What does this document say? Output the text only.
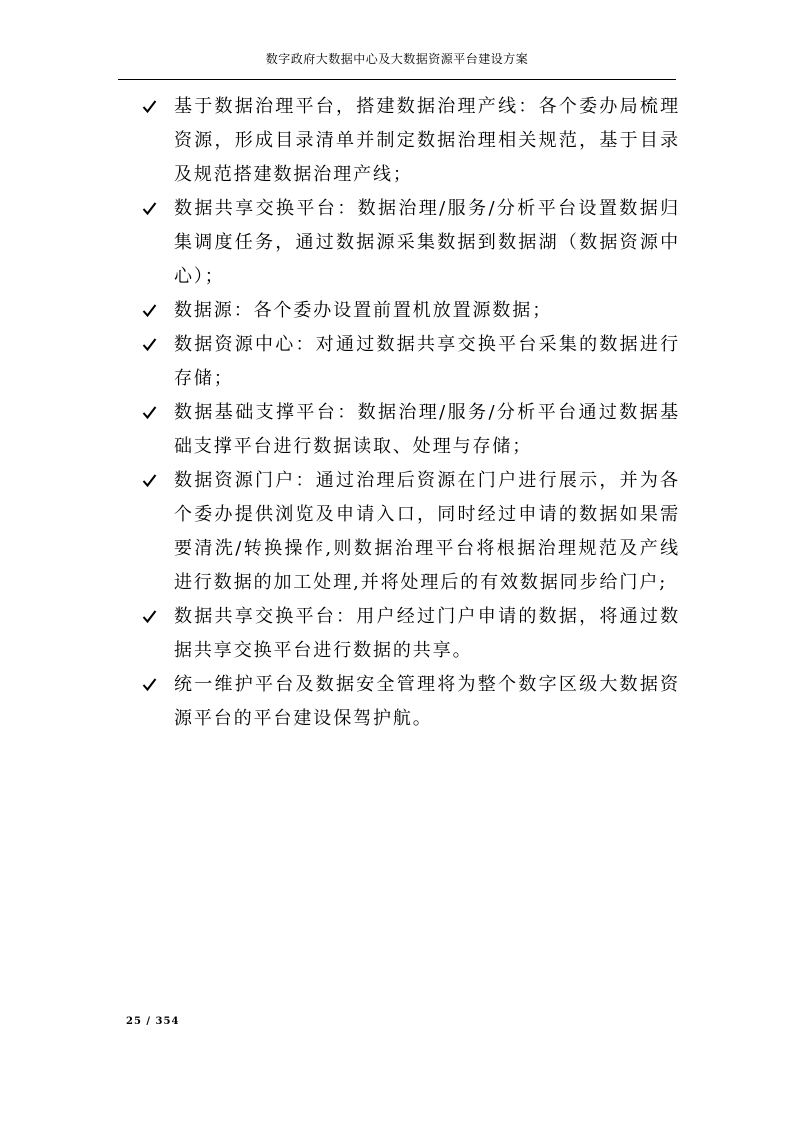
数字政府大数据中心及大数据资源平台建设方案
基于数据治理平台，搭建数据治理产线：各个委办局梳理资源，形成目录清单并制定数据治理相关规范，基于目录及规范搭建数据治理产线；
数据共享交换平台：数据治理/服务/分析平台设置数据归集调度任务，通过数据源采集数据到数据湖（数据资源中心）；
数据源：各个委办设置前置机放置源数据；
数据资源中心：对通过数据共享交换平台采集的数据进行存储；
数据基础支撑平台：数据治理/服务/分析平台通过数据基础支撑平台进行数据读取、处理与存储；
数据资源门户：通过治理后资源在门户进行展示，并为各个委办提供浏览及申请入口，同时经过申请的数据如果需要清洗/转换操作,则数据治理平台将根据治理规范及产线进行数据的加工处理,并将处理后的有效数据同步给门户;
数据共享交换平台：用户经过门户申请的数据，将通过数据共享交换平台进行数据的共享。
统一维护平台及数据安全管理将为整个数字区级大数据资源平台的平台建设保驾护航。
25 / 354
